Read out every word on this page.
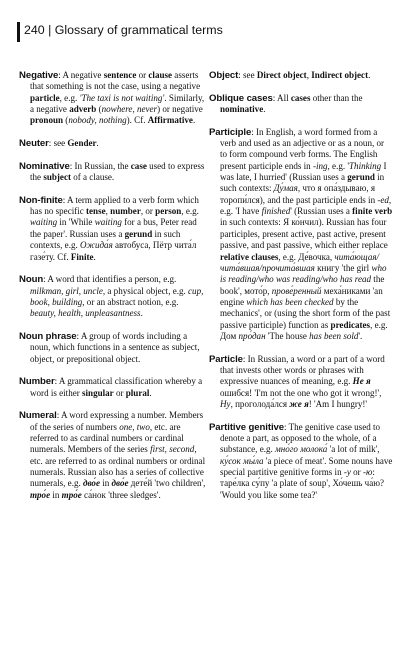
240 | Glossary of grammatical terms
Negative: A negative sentence or clause asserts that something is not the case, using a negative particle, e.g. 'The taxi is not waiting'. Similarly, a negative adverb (nowhere, never) or negative pronoun (nobody, nothing). Cf. Affirmative.
Neuter: see Gender.
Nominative: In Russian, the case used to express the subject of a clause.
Non-finite: A term applied to a verb form which has no specific tense, number, or person, e.g. waiting in 'While waiting for a bus, Peter read the paper'. Russian uses a gerund in such contexts, e.g. Ожида́я автобуса, Пётр чита́л газе́ту. Cf. Finite.
Noun: A word that identifies a person, e.g. milkman, girl, uncle, a physical object, e.g. cup, book, building, or an abstract notion, e.g. beauty, health, unpleasantness.
Noun phrase: A group of words including a noun, which functions in a sentence as subject, object, or prepositional object.
Number: A grammatical classification whereby a word is either singular or plural.
Numeral: A word expressing a number. Members of the series of numbers one, two, etc. are referred to as cardinal numbers or cardinal numerals. Members of the series first, second, etc. are referred to as ordinal numbers or ordinal numerals. Russian also has a series of collective numerals, e.g. дво́е in дво́е дете́й 'two children', тро́е in тро́е са́нок 'three sledges'.
Object: see Direct object, Indirect object.
Oblique cases: All cases other than the nominative.
Participle: In English, a word formed from a verb and used as an adjective or as a noun, or to form compound verb forms. The English present participle ends in -ing, e.g. 'Thinking I was late, I hurried' (Russian uses a gerund in such contexts: Ду́мая, что я опа́здываю, я торопи́лся), and the past participle ends in -ed, e.g. 'I have finished' (Russian uses a finite verb in such contexts: Я ко́нчил). Russian has four participles, present active, past active, present passive, and past passive, which either replace relative clauses, e.g. Де́вочка, чита́ющая/чита́вшая/прочита́вшая книгу 'the girl who is reading/who was reading/who has read the book', мото́р, прове́ренный меха́никами 'an engine which has been checked by the mechanics', or (using the short form of the past passive participle) function as predicates, e.g. Дом про́дан 'The house has been sold'.
Particle: In Russian, a word or a part of a word that invests other words or phrases with expressive nuances of meaning, e.g. Не я ошибся! 'I'm not the one who got it wrong!', Ну, проголода́лся же я! 'Am I hungry!'
Partitive genitive: The genitive case used to denote a part, as opposed to the whole, of a substance, e.g. мно́го молока́ 'a lot of milk', ку́сок мы́ла 'a piece of meat'. Some nouns have special partitive genitive forms in -у or -ю: таре́лка су́пу 'a plate of soup', Хо́чешь ча́ю? 'Would you like some tea?'
